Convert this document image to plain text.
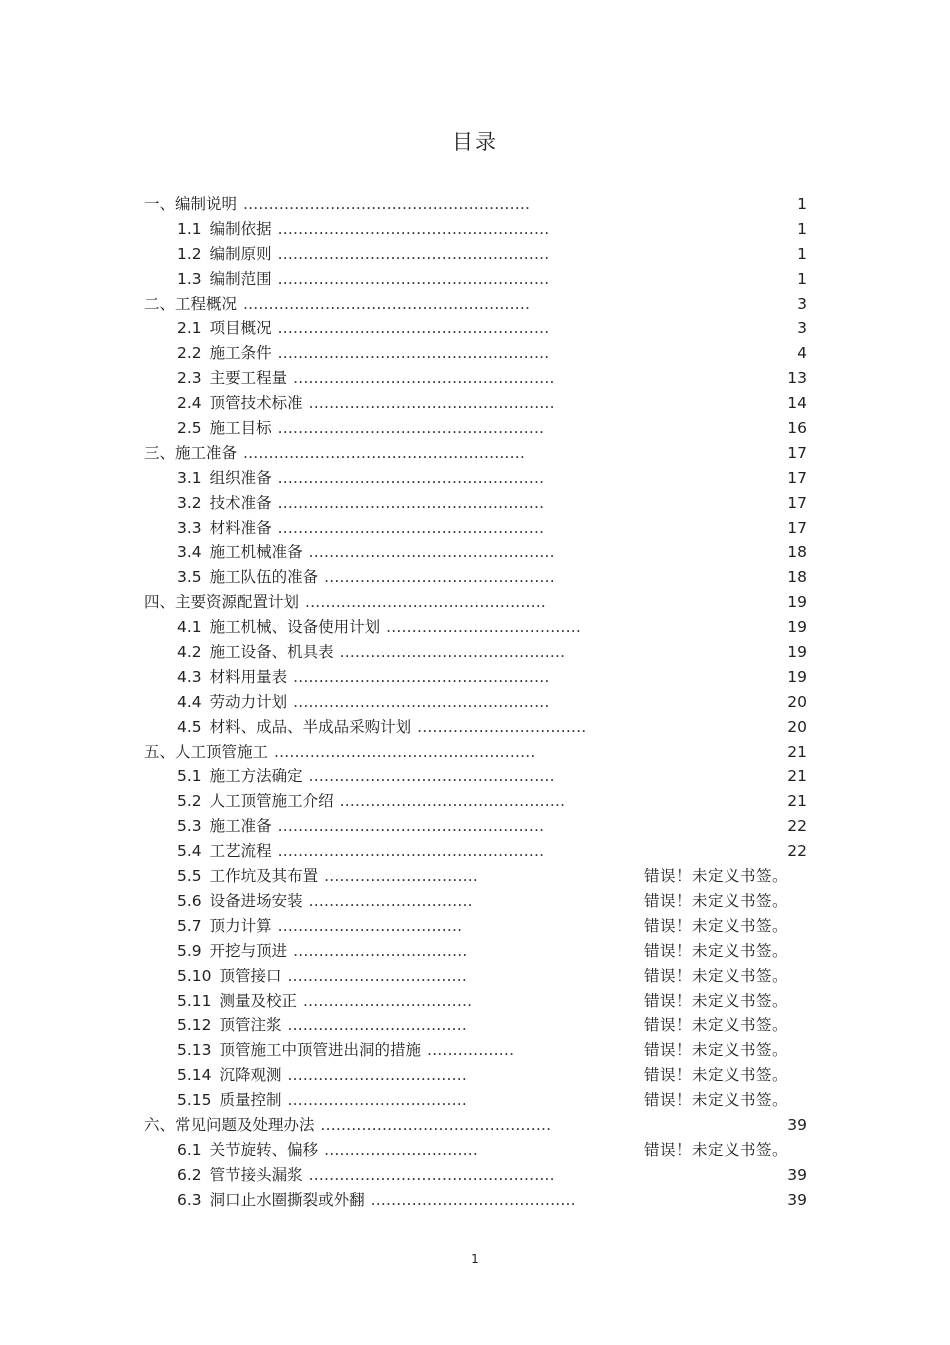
目录
一、编制说明 ........................................................	1
1.1 编制依据 .....................................................	1
1.2 编制原则 .....................................................	1
1.3 编制范围 .....................................................	1
二、工程概况 ........................................................	3
2.1 项目概况 .....................................................	3
2.2 施工条件 .....................................................	4
2.3 主要工程量 ...................................................	13
2.4 顶管技术标准 ................................................	14
2.5 施工目标 ....................................................	16
三、施工准备 .......................................................	17
3.1 组织准备 ....................................................	17
3.2 技术准备 ....................................................	17
3.3 材料准备 ....................................................	17
3.4 施工机械准备 ................................................	18
3.5 施工队伍的准备 .............................................	18
四、主要资源配置计划 ...............................................	19
4.1 施工机械、设备使用计划 ......................................	19
4.2 施工设备、机具表 ............................................	19
4.3 材料用量表 ..................................................	19
4.4 劳动力计划 ..................................................	20
4.5 材料、成品、半成品采购计划 .................................	20
五、人工顶管施工 ...................................................	21
5.1 施工方法确定 ................................................	21
5.2 人工顶管施工介绍 ............................................	21
5.3 施工准备 ....................................................	22
5.4 工艺流程 ....................................................	22
5.5 工作坑及其布置 ..............................	错误！未定义书签。
5.6 设备进场安装 ................................	错误！未定义书签。
5.7 顶力计算 ....................................	错误！未定义书签。
5.9 开挖与顶进 ..................................	错误！未定义书签。
5.10 顶管接口 ...................................	错误！未定义书签。
5.11 测量及校正 .................................	错误！未定义书签。
5.12 顶管注浆 ...................................	错误！未定义书签。
5.13 顶管施工中顶管进出洞的措施 .................	错误！未定义书签。
5.14 沉降观测 ...................................	错误！未定义书签。
5.15 质量控制 ...................................	错误！未定义书签。
六、常见问题及处理办法 .............................................	39
6.1 关节旋转、偏移 ..............................	错误！未定义书签。
6.2 管节接头漏浆 ................................................	39
6.3 洞口止水圈撕裂或外翻 ........................................	39
1
